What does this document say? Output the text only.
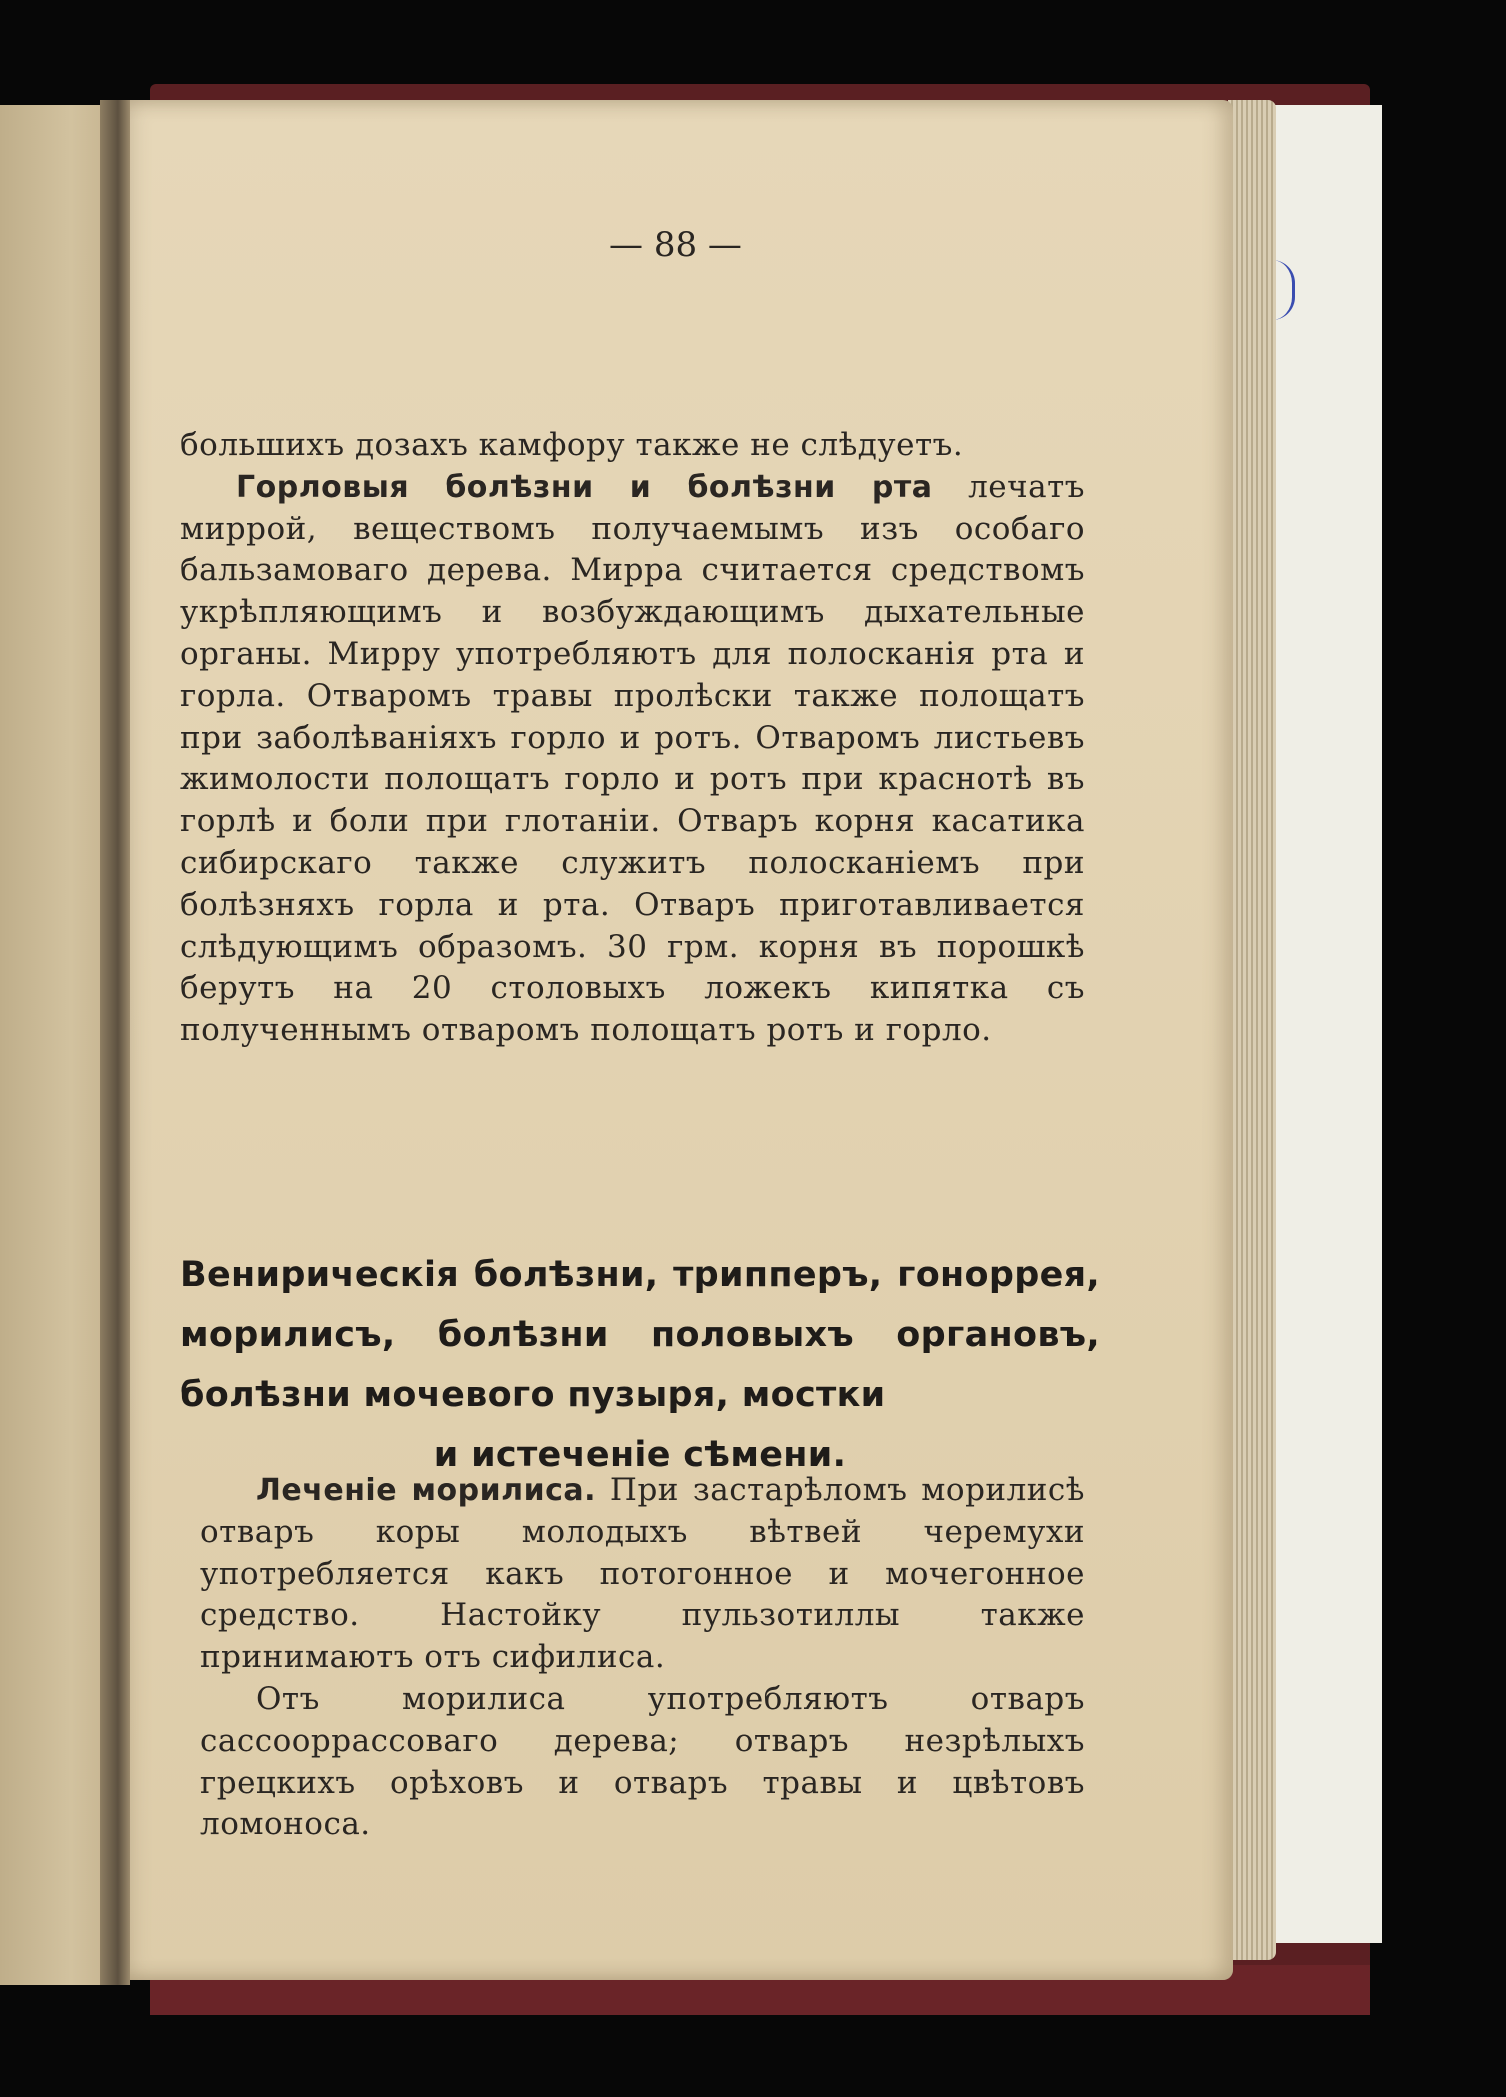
— 88 —

большихъ дозахъ камфору также не слѣдуетъ.

Горловыя болѣзни и болѣзни рта лечатъ миррой, веществомъ получаемымъ изъ особаго бальзамоваго дерева. Мирра считается средствомъ укрѣпляющимъ и возбуждающимъ дыхательные органы. Мирру употребляютъ для полосканія рта и горла. Отваромъ травы пролѣски также полощатъ при заболѣваніяхъ горло и ротъ. Отваромъ листьевъ жимолости полощатъ горло и ротъ при краснотѣ въ горлѣ и боли при глотаніи. Отваръ корня касатика сибирскаго также служитъ полосканіемъ при болѣзняхъ горла и рта. Отваръ приготавливается слѣдующимъ образомъ. 30 грм. корня въ порошкѣ берутъ на 20 столовыхъ ложекъ кипятка съ полученнымъ отваромъ полощатъ ротъ и горло.

Венирическія болѣзни, трипперъ, гоноррея, морилисъ, болѣзни половыхъ органовъ, болѣзни мочевого пузыря, мостки
и истеченіе сѣмени.

Леченіе морилиса. При застарѣломъ морилисѣ отваръ коры молодыхъ вѣтвей черемухи употребляется какъ потогонное и мочегонное средство. Настойку пульзотиллы также принимаютъ отъ сифилиса.

Отъ морилиса употребляютъ отваръ сассооррассоваго дерева; отваръ незрѣлыхъ грецкихъ орѣховъ и отваръ травы и цвѣтовъ ломоноса.
